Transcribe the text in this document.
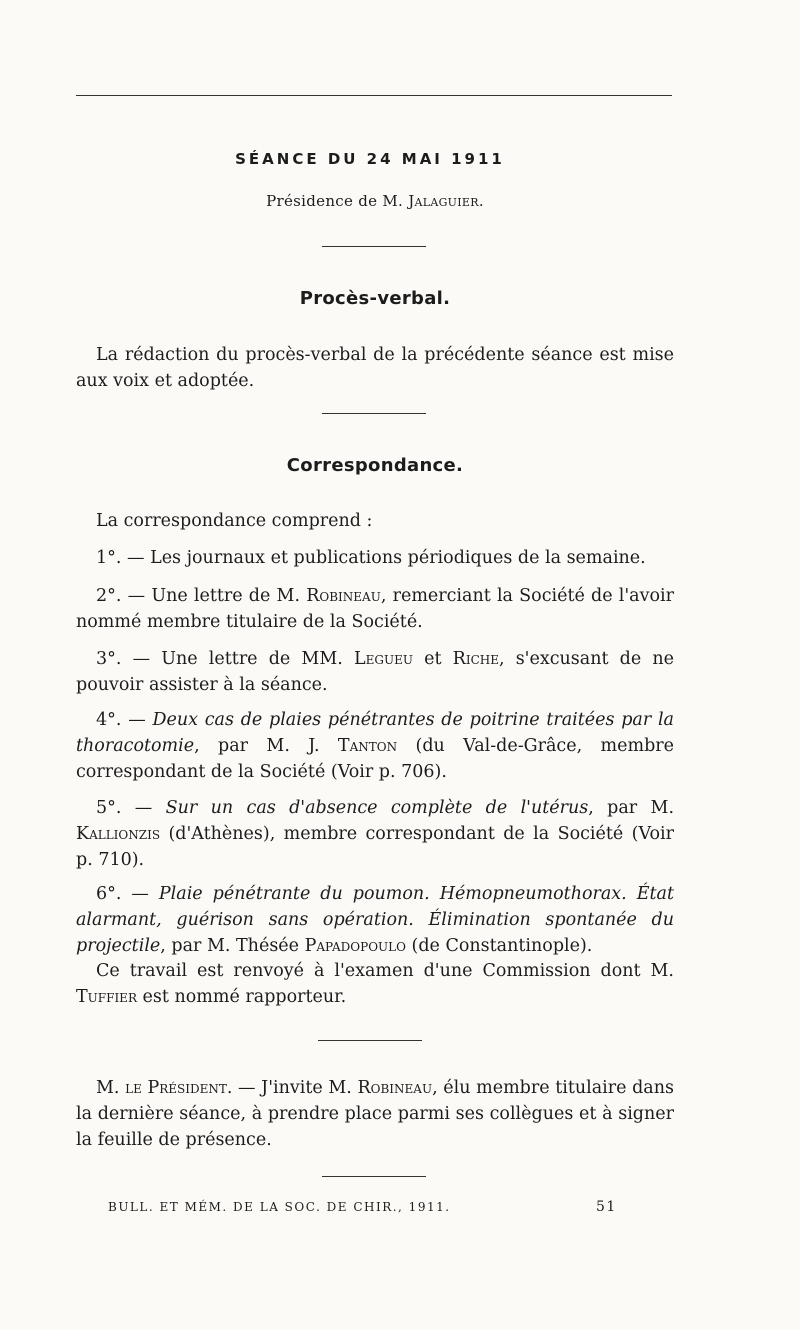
SÉANCE DU 24 MAI 1911
Présidence de M. Jalaguier.
Procès-verbal.
La rédaction du procès-verbal de la précédente séance est mise aux voix et adoptée.
Correspondance.
La correspondance comprend :
1°. — Les journaux et publications périodiques de la semaine.
2°. — Une lettre de M. Robineau, remerciant la Société de l'avoir nommé membre titulaire de la Société.
3°. — Une lettre de MM. Legueu et Riche, s'excusant de ne pouvoir assister à la séance.
4°. — Deux cas de plaies pénétrantes de poitrine traitées par la thoracotomie, par M. J. Tanton (du Val-de-Grâce, membre correspondant de la Société (Voir p. 706).
5°. — Sur un cas d'absence complète de l'utérus, par M. Kallionzis (d'Athènes), membre correspondant de la Société (Voir p. 710).
6°. — Plaie pénétrante du poumon. Hémopneumothorax. État alarmant, guérison sans opération. Élimination spontanée du projectile, par M. Thésée Papadopoulo (de Constantinople).
Ce travail est renvoyé à l'examen d'une Commission dont M. Tuffier est nommé rapporteur.
M. le Président. — J'invite M. Robineau, élu membre titulaire dans la dernière séance, à prendre place parmi ses collègues et à signer la feuille de présence.
BULL. ET MÉM. DE LA SOC. DE CHIR., 1911.	51
